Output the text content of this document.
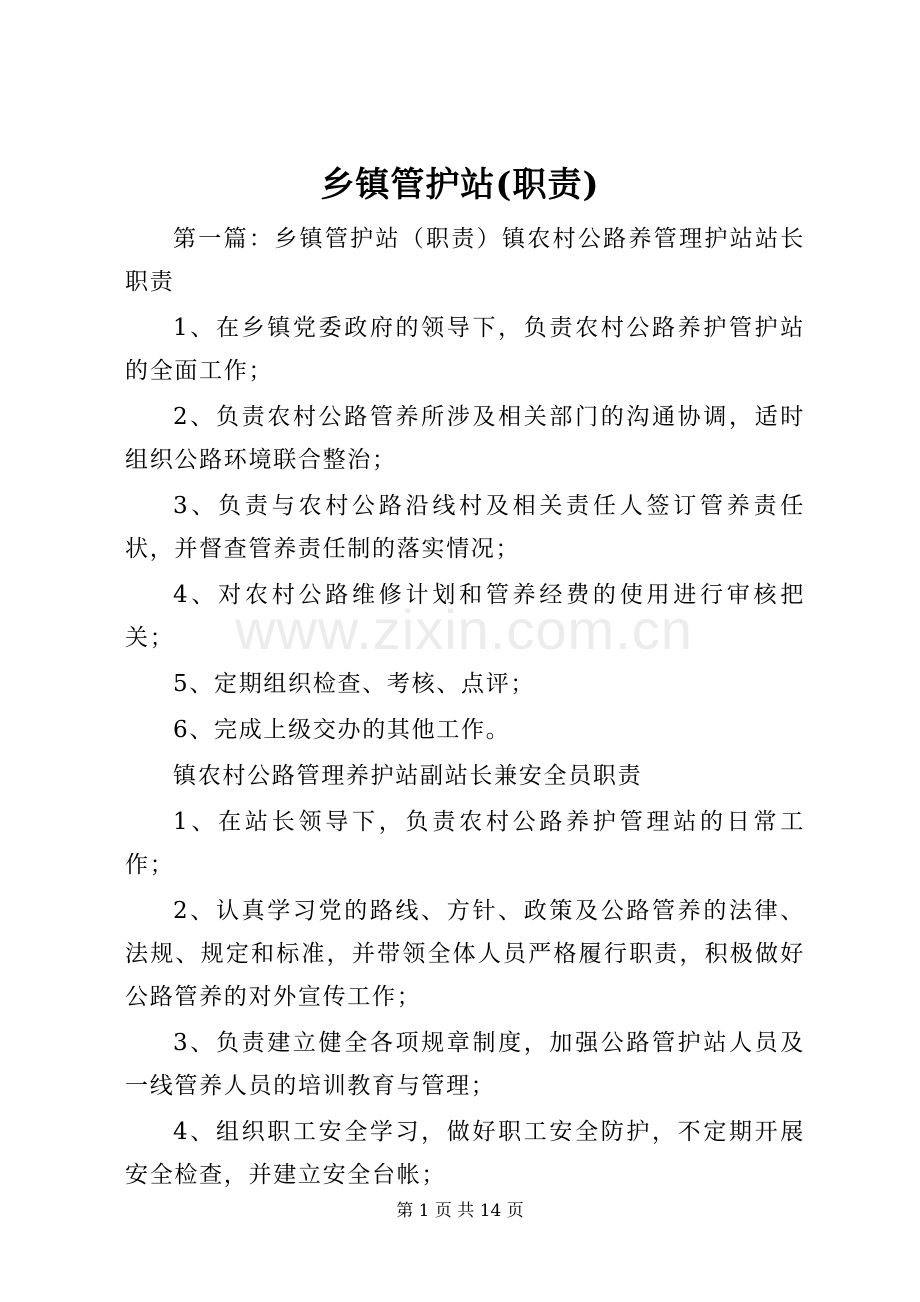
乡镇管护站(职责)

第一篇：乡镇管护站（职责）镇农村公路养管理护站站长职责

1、在乡镇党委政府的领导下，负责农村公路养护管护站的全面工作；

2、负责农村公路管养所涉及相关部门的沟通协调，适时组织公路环境联合整治；

3、负责与农村公路沿线村及相关责任人签订管养责任状，并督查管养责任制的落实情况；

4、对农村公路维修计划和管养经费的使用进行审核把关；

5、定期组织检查、考核、点评；

6、完成上级交办的其他工作。

镇农村公路管理养护站副站长兼安全员职责

1、在站长领导下，负责农村公路养护管理站的日常工作；

2、认真学习党的路线、方针、政策及公路管养的法律、法规、规定和标准，并带领全体人员严格履行职责，积极做好公路管养的对外宣传工作；

3、负责建立健全各项规章制度，加强公路管护站人员及一线管养人员的培训教育与管理；

4、组织职工安全学习，做好职工安全防护，不定期开展安全检查，并建立安全台帐；

www.zixin.com.cn
第 1 页 共 14 页
